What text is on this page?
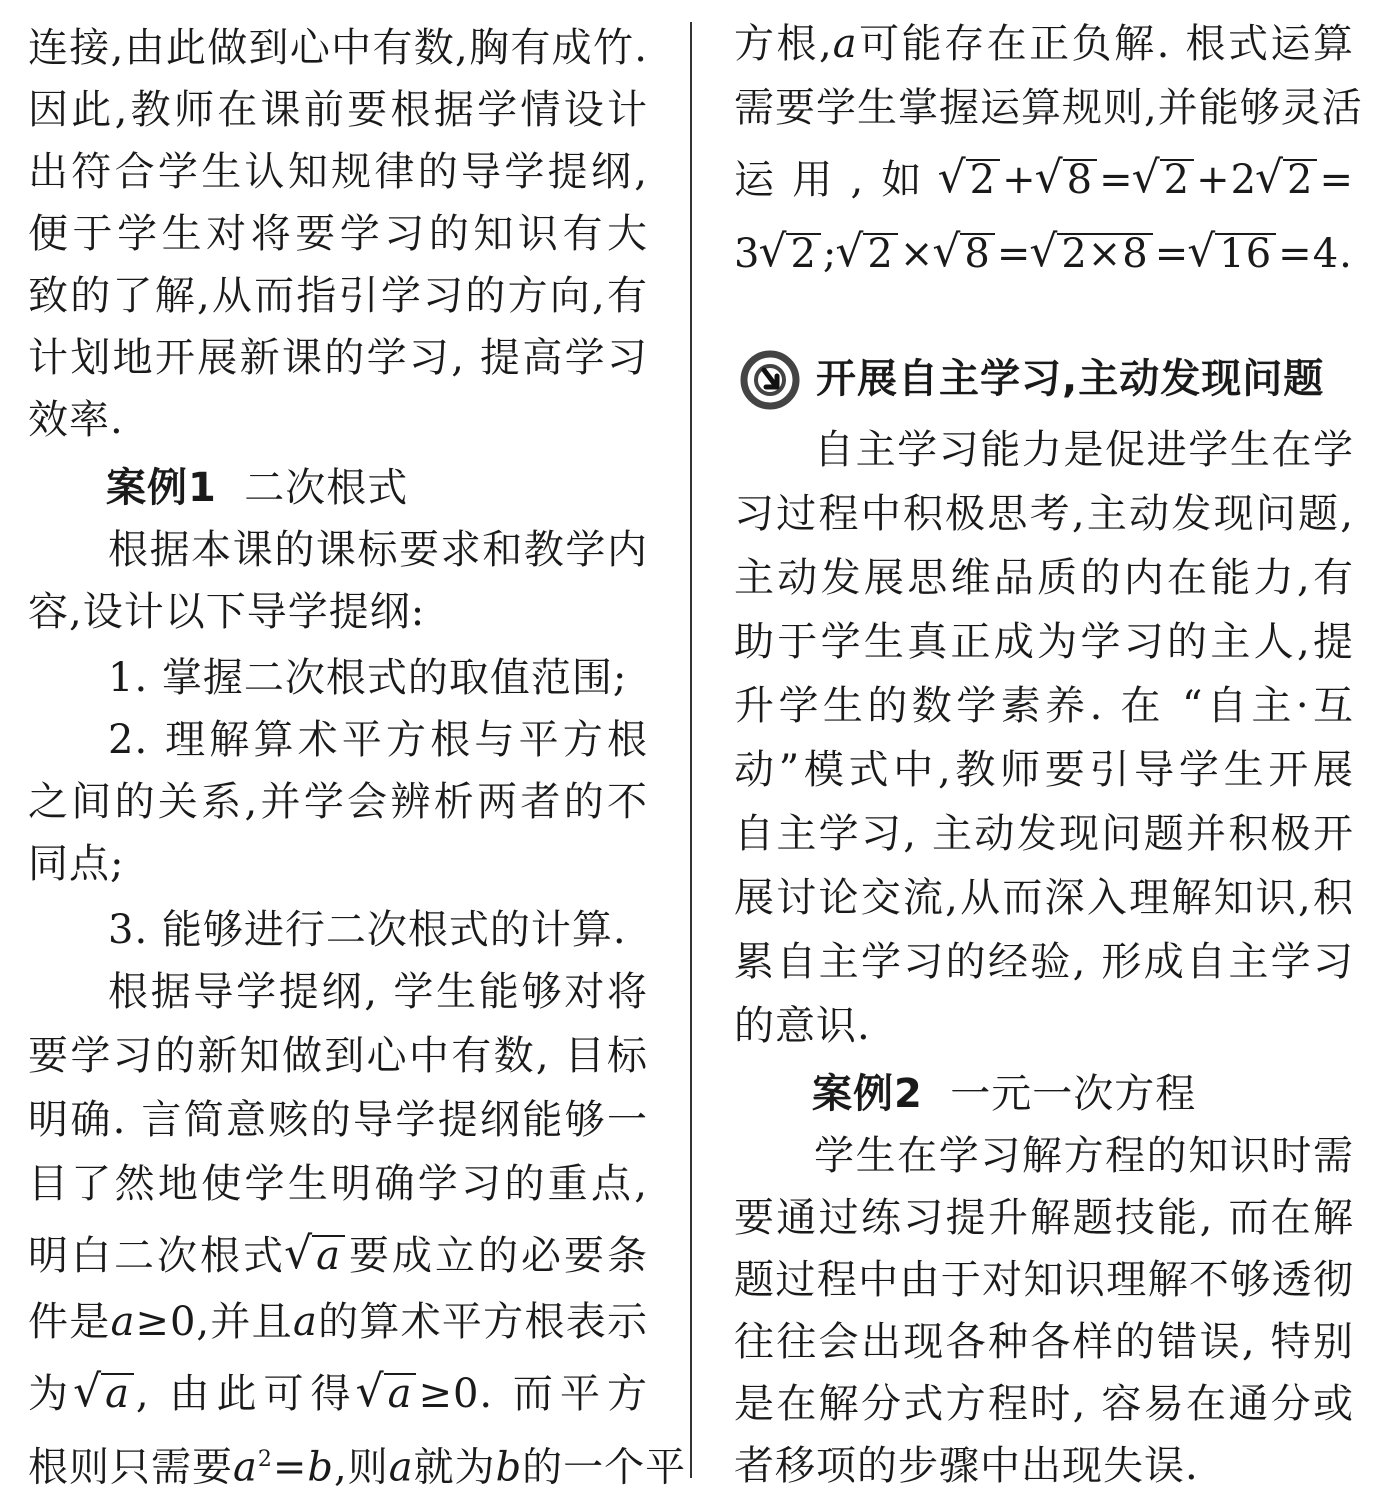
连接,由此做到心中有数,胸有成竹.
因此,教师在课前要根据学情设计
出符合学生认知规律的导学提纲,
便于学生对将要学习的知识有大
致的了解,从而指引学习的方向,有
计划地开展新课的学习, 提高学习
效率.
案例1 二次根式
根据本课的课标要求和教学内
容,设计以下导学提纲:
1. 掌握二次根式的取值范围;
2. 理解算术平方根与平方根
之间的关系,并学会辨析两者的不
同点;
3. 能够进行二次根式的计算.
根据导学提纲, 学生能够对将
要学习的新知做到心中有数, 目标
明确. 言简意赅的导学提纲能够一
目了然地使学生明确学习的重点,
明白二次根式 √ a 要成立的必要条
件是a≥0,并且a的算术平方根表示
为 √ a , 由此可得 √ a ≥0. 而平方
根则只需要$a^2=b$,则a就为b的一个平
方根,a可能存在正负解. 根式运算
需要学生掌握运算规则,并能够灵活
运用,如 √ 2 + √ 8 = √ 2 +2 √ 2 =
3 √ 2 ; √ 2 × √ 8 = √ 2×8 = √ 16 =4.
开展自主学习,主动发现问题
自主学习能力是促进学生在学
习过程中积极思考,主动发现问题,
主动发展思维品质的内在能力,有
助于学生真正成为学习的主人,提
升学生的数学素养. 在 “自主·互
动”模式中,教师要引导学生开展
自主学习, 主动发现问题并积极开
展讨论交流,从而深入理解知识,积
累自主学习的经验, 形成自主学习
的意识.
案例2 一元一次方程
学生在学习解方程的知识时需
要通过练习提升解题技能, 而在解
题过程中由于对知识理解不够透彻
往往会出现各种各样的错误, 特别
是在解分式方程时, 容易在通分或
者移项的步骤中出现失误.
